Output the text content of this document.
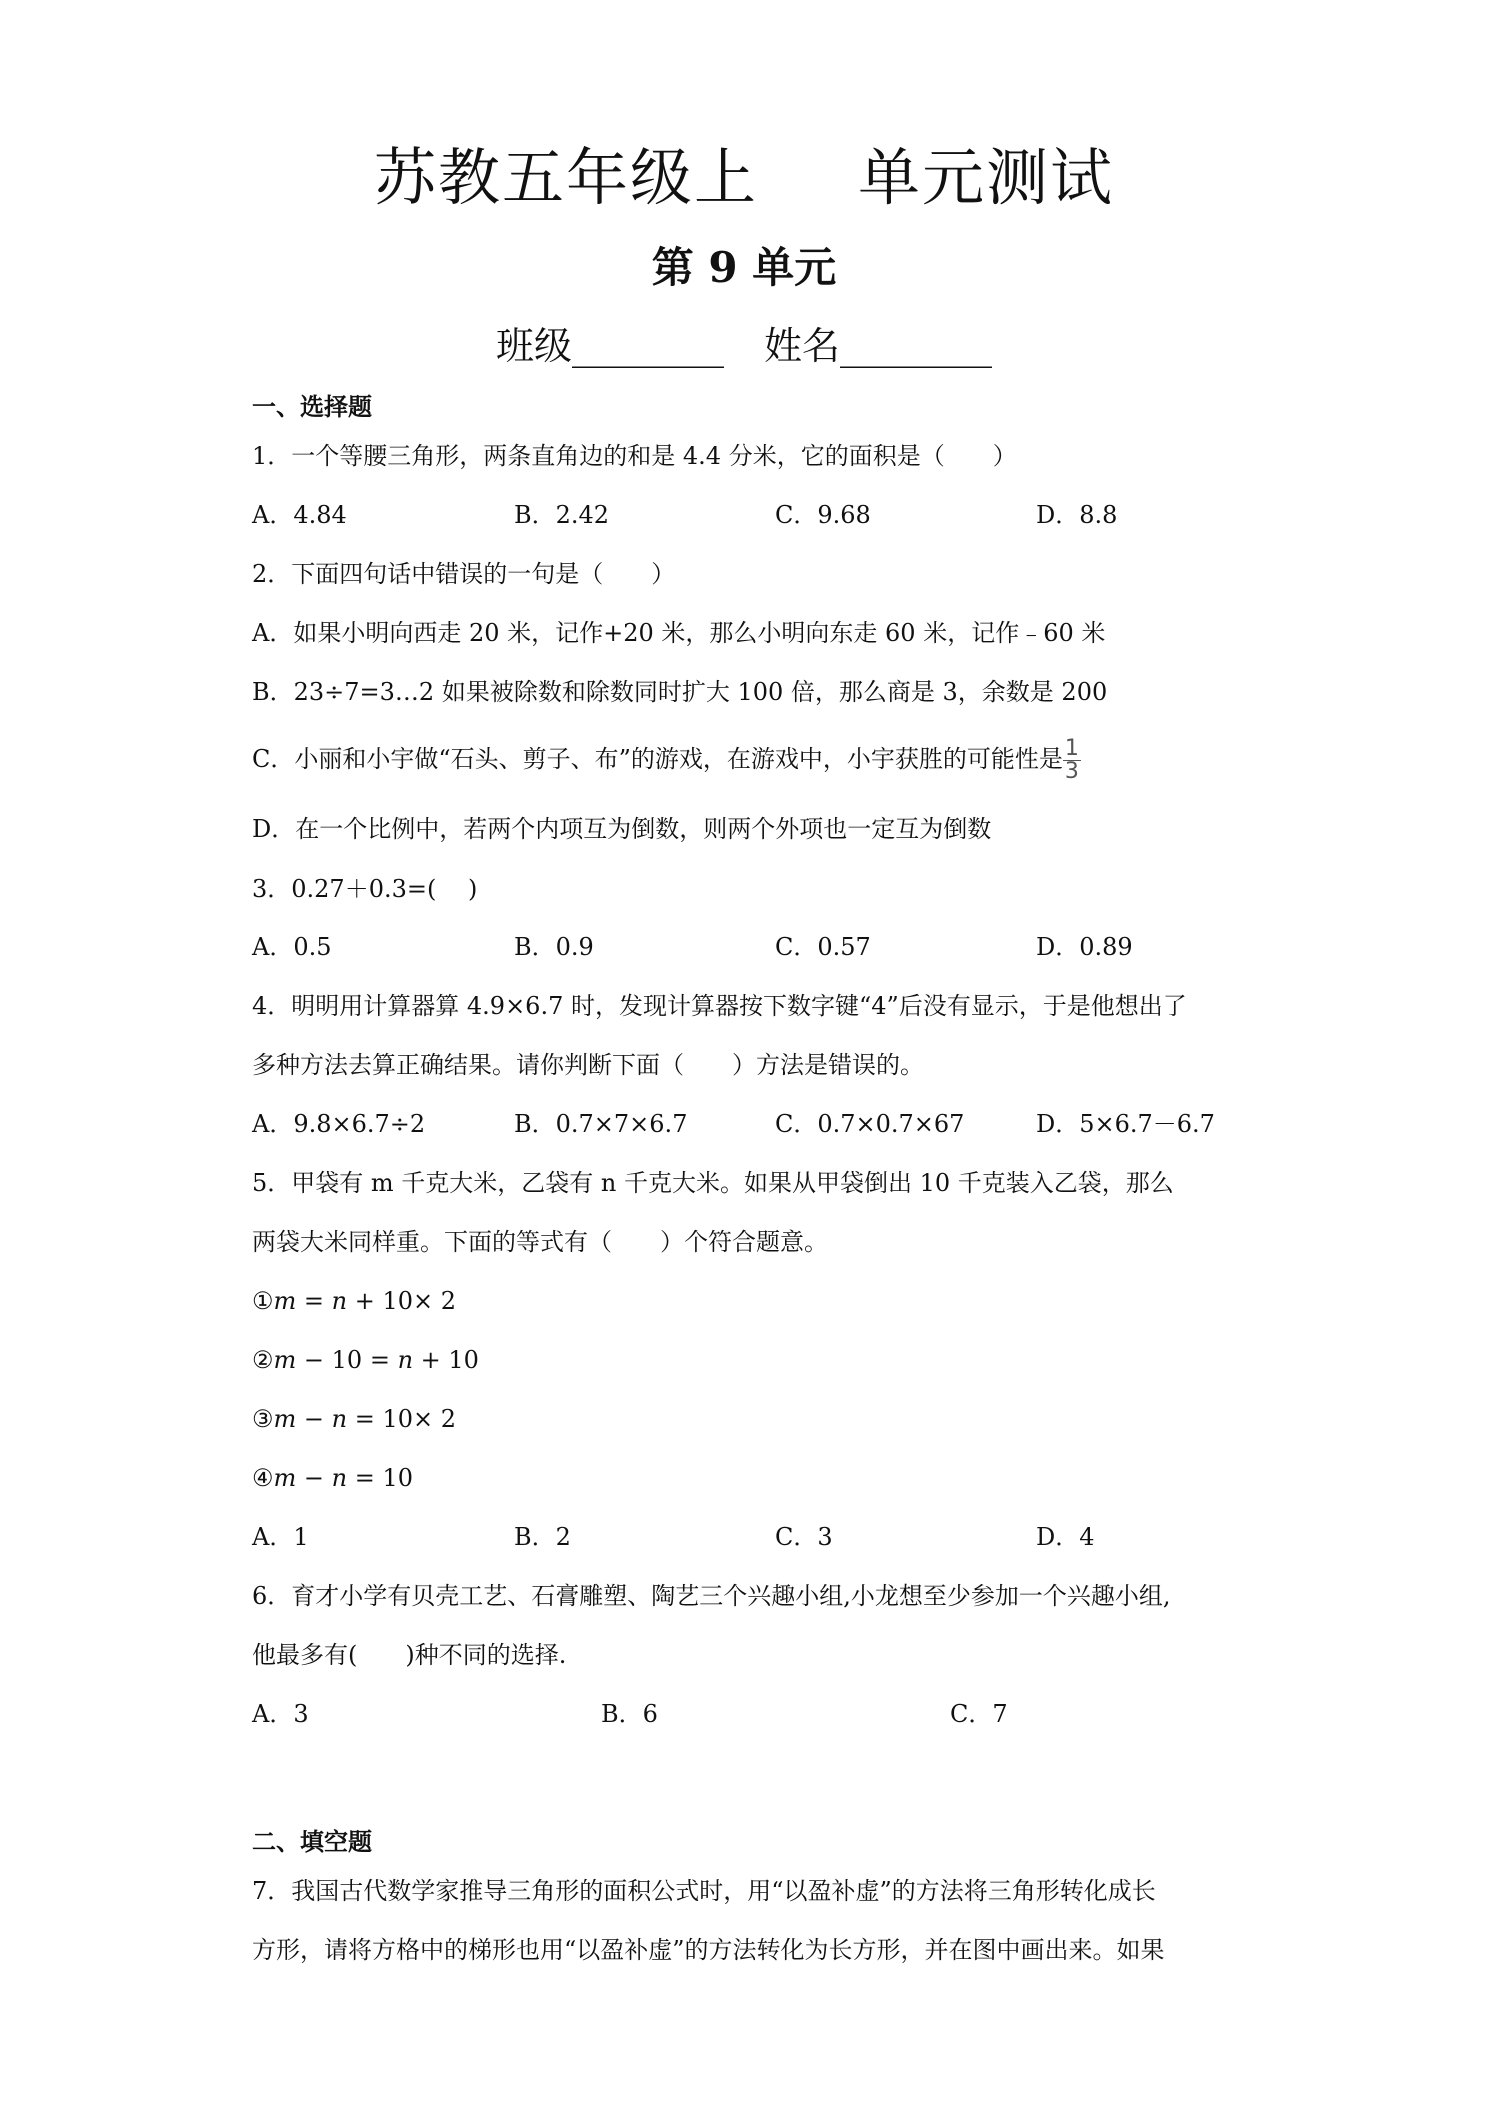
苏教五年级上 单元测试
第 9 单元
班级________ 姓名________
一、选择题
1．一个等腰三角形，两条直角边的和是 4.4 分米，它的面积是（　　）
A．4.84	B．2.42	C．9.68	D．8.8
2．下面四句话中错误的一句是（　　）
A．如果小明向西走 20 米，记作+20 米，那么小明向东走 60 米，记作﹣60 米
B．23÷7=3…2 如果被除数和除数同时扩大 100 倍，那么商是 3，余数是 200
C．小丽和小宇做“石头、剪子、布”的游戏，在游戏中，小宇获胜的可能性是 $\frac{1}{3}$
D．在一个比例中，若两个内项互为倒数，则两个外项也一定互为倒数
3．0.27＋0.3=(　 )
A．0.5	B．0.9	C．0.57	D．0.89
4．明明用计算器算 4.9×6.7 时，发现计算器按下数字键“4”后没有显示，于是他想出了
多种方法去算正确结果。请你判断下面（　　）方法是错误的。
A．9.8×6.7÷2	B．0.7×7×6.7	C．0.7×0.7×67	D．5×6.7－6.7
5．甲袋有 m 千克大米，乙袋有 n 千克大米。如果从甲袋倒出 10 千克装入乙袋，那么
两袋大米同样重。下面的等式有（　　）个符合题意。
①m = n + 10× 2
②m − 10 = n + 10
③m − n = 10× 2
④m − n = 10
A．1	B．2	C．3	D．4
6．育才小学有贝壳工艺、石膏雕塑、陶艺三个兴趣小组,小龙想至少参加一个兴趣小组,
他最多有(　　)种不同的选择.
A．3	B．6	C．7
二、填空题
7．我国古代数学家推导三角形的面积公式时，用“以盈补虚”的方法将三角形转化成长
方形，请将方格中的梯形也用“以盈补虚”的方法转化为长方形，并在图中画出来。如果
